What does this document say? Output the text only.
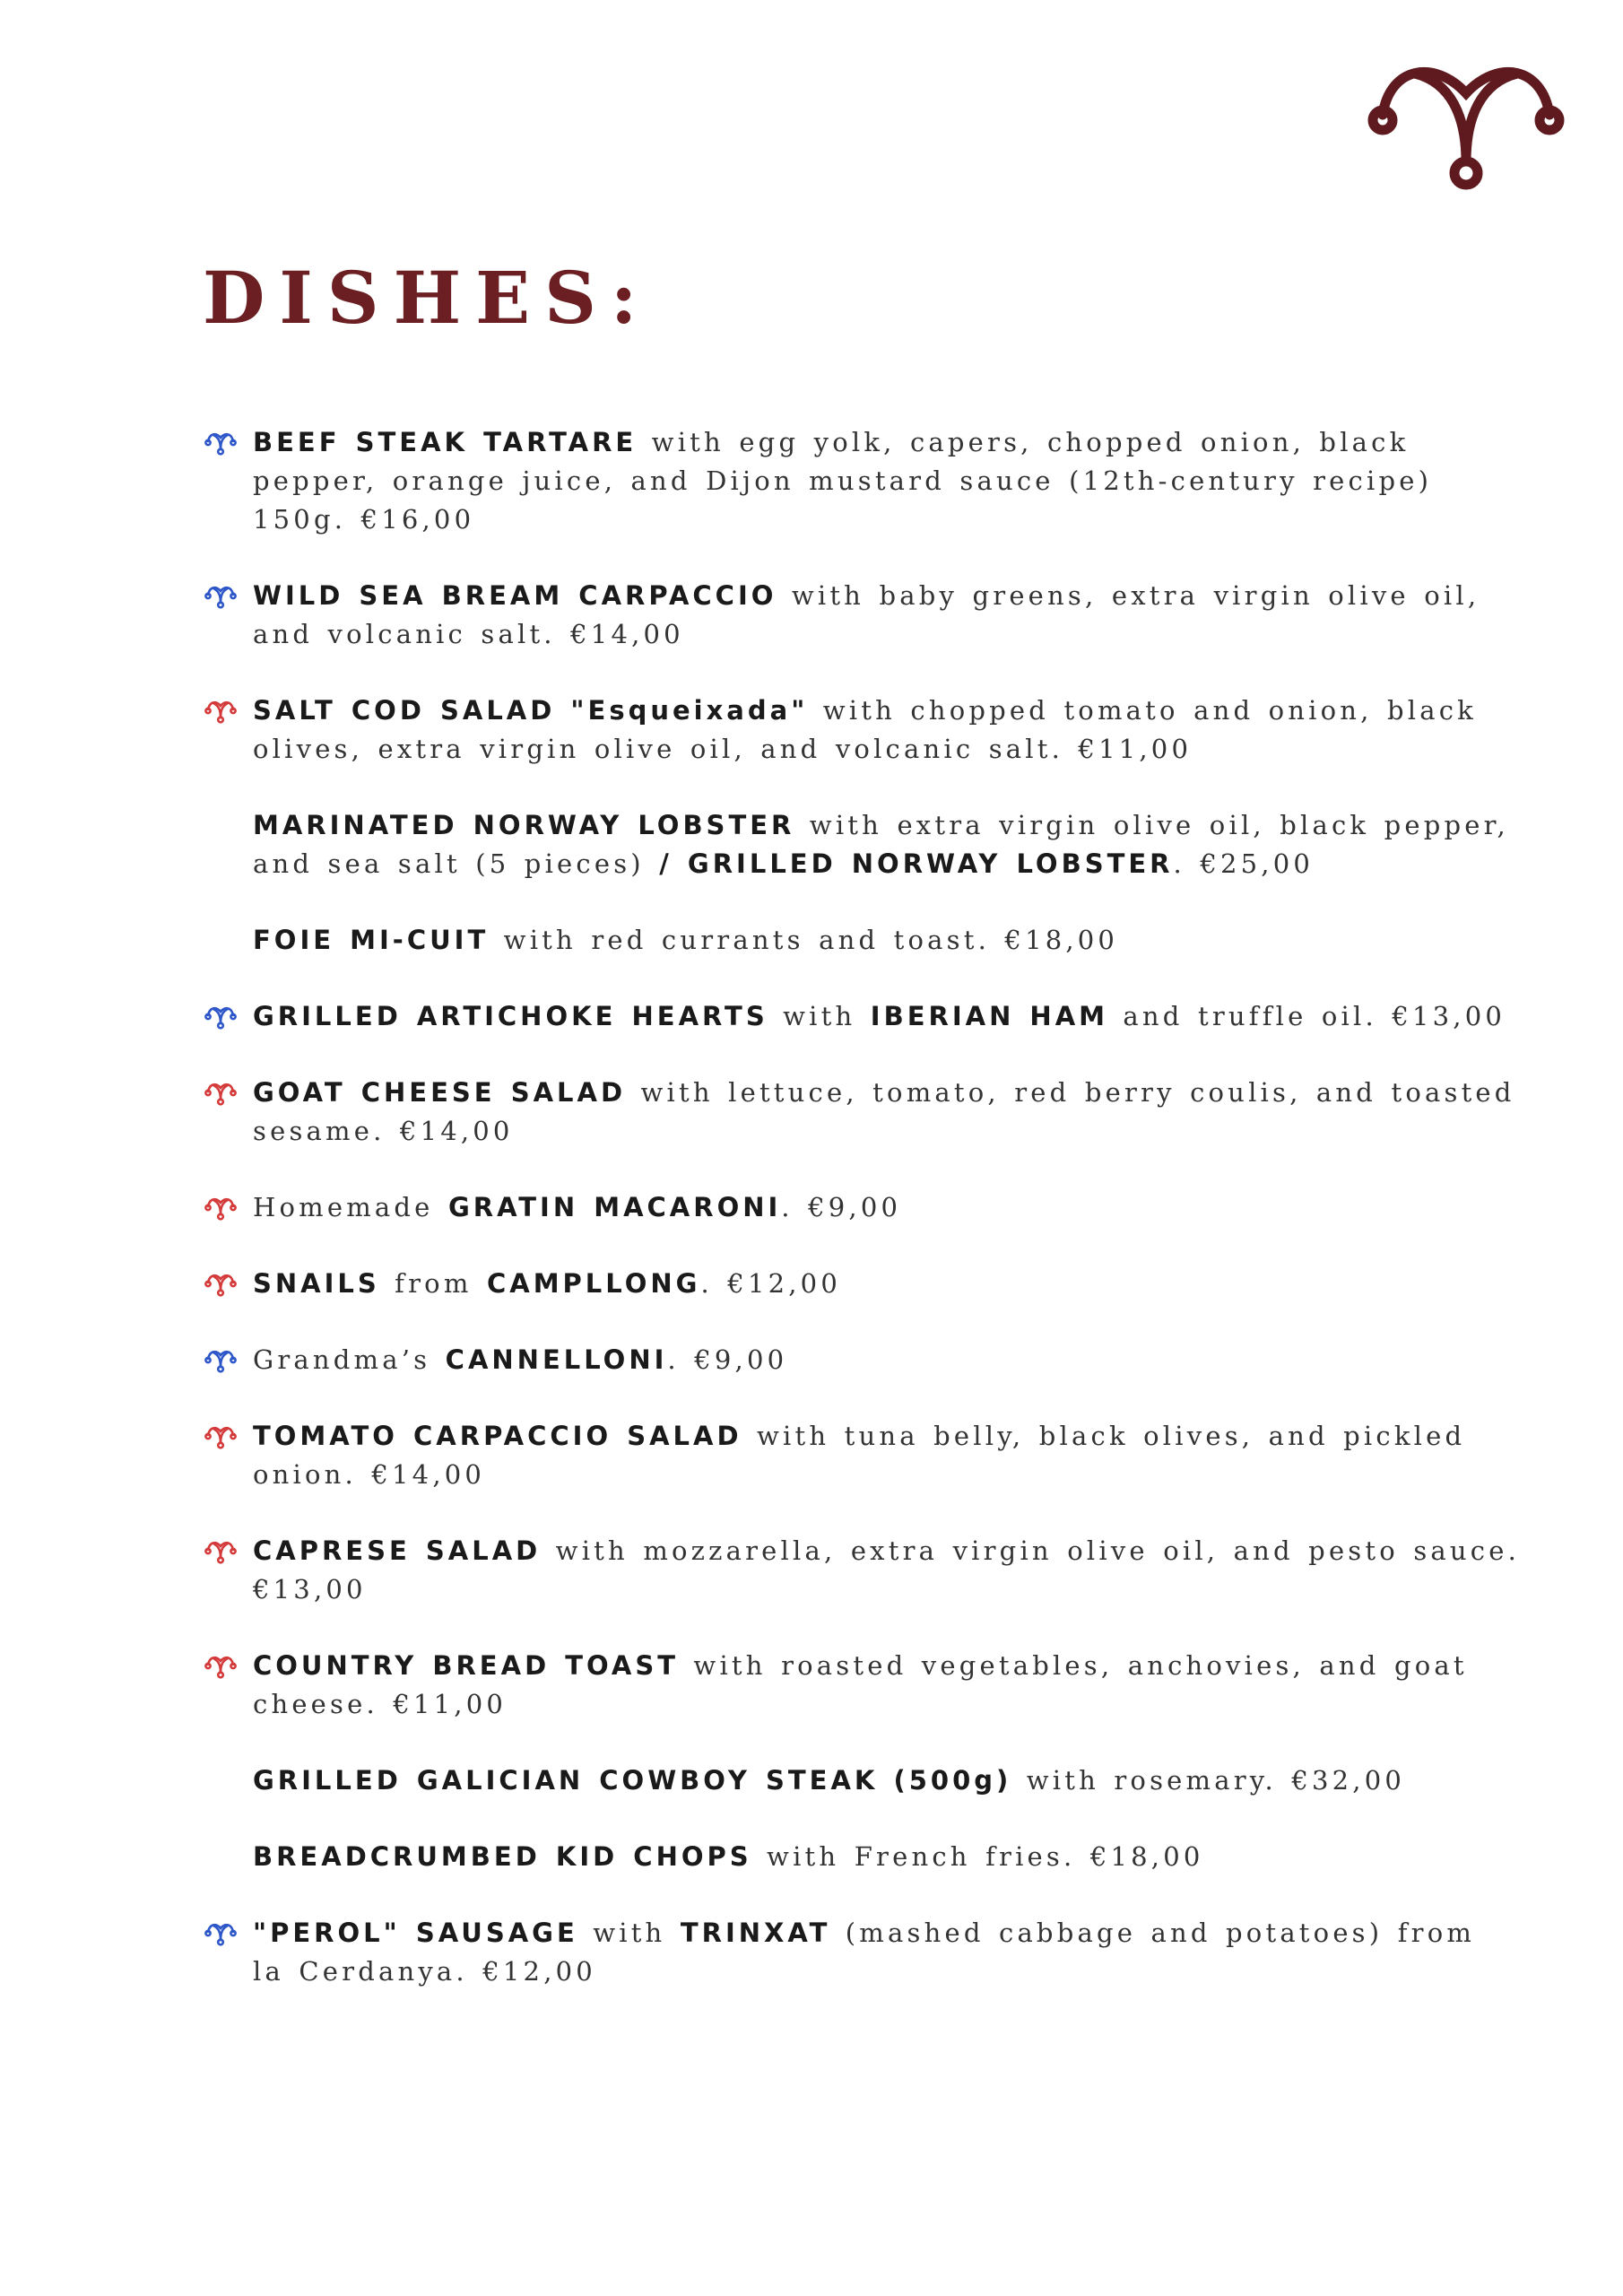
DISHES:
BEEF STEAK TARTARE with egg yolk, capers, chopped onion, black pepper, orange juice, and Dijon mustard sauce (12th-century recipe) 150g. €16,00
WILD SEA BREAM CARPACCIO with baby greens, extra virgin olive oil, and volcanic salt. €14,00
SALT COD SALAD "Esqueixada" with chopped tomato and onion, black olives, extra virgin olive oil, and volcanic salt. €11,00
MARINATED NORWAY LOBSTER with extra virgin olive oil, black pepper, and sea salt (5 pieces) / GRILLED NORWAY LOBSTER. €25,00
FOIE MI-CUIT with red currants and toast. €18,00
GRILLED ARTICHOKE HEARTS with IBERIAN HAM and truffle oil. €13,00
GOAT CHEESE SALAD with lettuce, tomato, red berry coulis, and toasted sesame. €14,00
Homemade GRATIN MACARONI. €9,00
SNAILS from CAMPLLONG. €12,00
Grandma’s CANNELLONI. €9,00
TOMATO CARPACCIO SALAD with tuna belly, black olives, and pickled onion. €14,00
CAPRESE SALAD with mozzarella, extra virgin olive oil, and pesto sauce. €13,00
COUNTRY BREAD TOAST with roasted vegetables, anchovies, and goat cheese. €11,00
GRILLED GALICIAN COWBOY STEAK (500g) with rosemary. €32,00
BREADCRUMBED KID CHOPS with French fries. €18,00
"PEROL" SAUSAGE with TRINXAT (mashed cabbage and potatoes) from la Cerdanya. €12,00
